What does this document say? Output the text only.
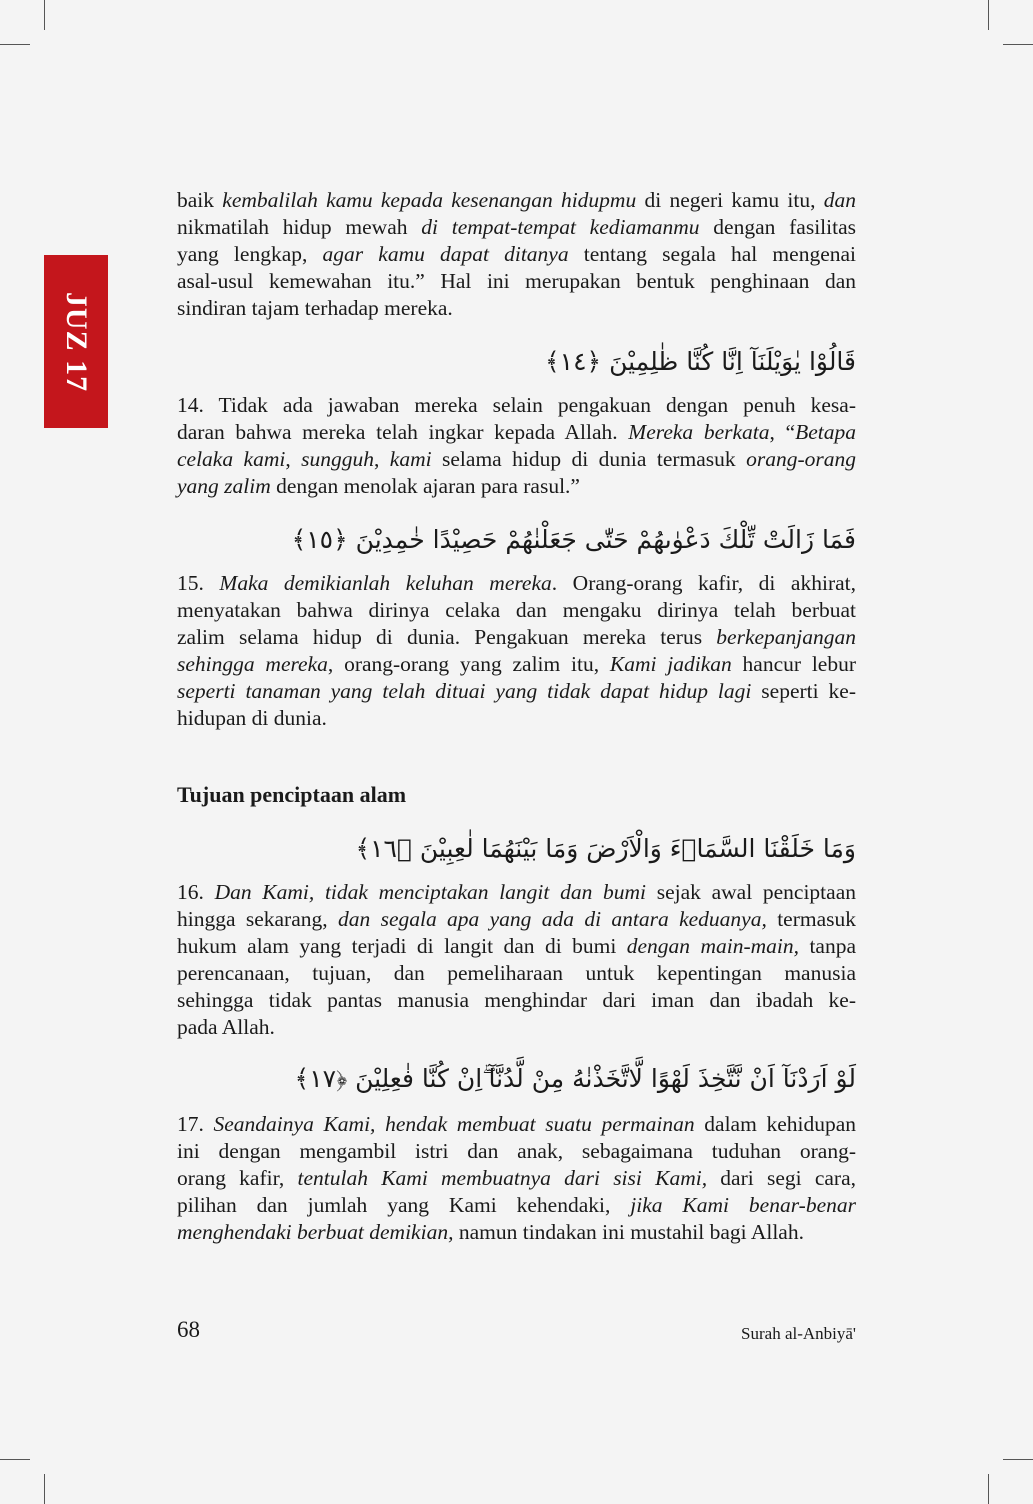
JUZ 17
baik kembalilah kamu kepada kesenangan hidupmu di negeri kamu itu, dan
nikmatilah hidup mewah di tempat-tempat kediamanmu dengan fasilitas
yang lengkap, agar kamu dapat ditanya tentang segala hal mengenai
asal-usul kemewahan itu.” Hal ini merupakan bentuk penghinaan dan
sindiran tajam terhadap mereka.
قَالُوْا يٰوَيْلَنَآ اِنَّا كُنَّا ظٰلِمِيْنَ ﴿١٤﴾
14. Tidak ada jawaban mereka selain pengakuan dengan penuh kesa-
daran bahwa mereka telah ingkar kepada Allah. Mereka berkata, “Betapa
celaka kami, sungguh, kami selama hidup di dunia termasuk orang-orang
yang zalim dengan menolak ajaran para rasul.”
فَمَا زَالَتْ تِّلْكَ دَعْوٰىهُمْ حَتّٰى جَعَلْنٰهُمْ حَصِيْدًا خٰمِدِيْنَ ﴿١٥﴾
15. Maka demikianlah keluhan mereka. Orang-orang kafir, di akhirat,
menyatakan bahwa dirinya celaka dan mengaku dirinya telah berbuat
zalim selama hidup di dunia. Pengakuan mereka terus berkepanjangan
sehingga mereka, orang-orang yang zalim itu, Kami jadikan hancur lebur
seperti tanaman yang telah dituai yang tidak dapat hidup lagi seperti ke-
hidupan di dunia.
Tujuan penciptaan alam
وَمَا خَلَقْنَا السَّمَاۤءَ وَالْاَرْضَ وَمَا بَيْنَهُمَا لٰعِبِيْنَ ﴿١٦﴾
16. Dan Kami, tidak menciptakan langit dan bumi sejak awal penciptaan
hingga sekarang, dan segala apa yang ada di antara keduanya, termasuk
hukum alam yang terjadi di langit dan di bumi dengan main-main, tanpa
perencanaan, tujuan, dan pemeliharaan untuk kepentingan manusia
sehingga tidak pantas manusia menghindar dari iman dan ibadah ke-
pada Allah.
لَوْ اَرَدْنَآ اَنْ نَّتَّخِذَ لَهْوًا لَّاتَّخَذْنٰهُ مِنْ لَّدُنَّآ ۖاِنْ كُنَّا فٰعِلِيْنَ ﴿١٧﴾
17. Seandainya Kami, hendak membuat suatu permainan dalam kehidupan
ini dengan mengambil istri dan anak, sebagaimana tuduhan orang-
orang kafir, tentulah Kami membuatnya dari sisi Kami, dari segi cara,
pilihan dan jumlah yang Kami kehendaki, jika Kami benar-benar
menghendaki berbuat demikian, namun tindakan ini mustahil bagi Allah.
68	Surah al-Anbiyā'
